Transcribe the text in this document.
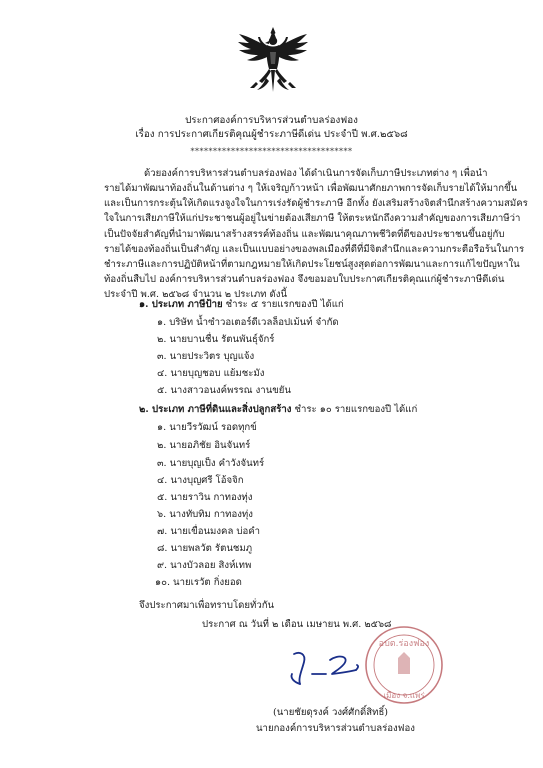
ประกาศองค์การบริหารส่วนตำบลร่องฟอง
เรื่อง การประกาศเกียรติคุณผู้ชำระภาษีดีเด่น ประจำปี พ.ศ.๒๕๖๘
************************************
ด้วยองค์การบริหารส่วนตำบลร่องฟอง ได้ดำเนินการจัดเก็บภาษีประเภทต่าง ๆ เพื่อนำ
รายได้มาพัฒนาท้องถิ่นในด้านต่าง ๆ ให้เจริญก้าวหน้า เพื่อพัฒนาศักยภาพการจัดเก็บรายได้ให้มากขึ้น
และเป็นการกระตุ้นให้เกิดแรงจูงใจในการเร่งรัดผู้ชำระภาษี อีกทั้ง ยังเสริมสร้างจิตสำนึกสร้างความสมัคร
ใจในการเสียภาษีให้แก่ประชาชนผู้อยู่ในข่ายต้องเสียภาษี ให้ตระหนักถึงความสำคัญของการเสียภาษีว่า
เป็นปัจจัยสำคัญที่นำมาพัฒนาสร้างสรรค์ท้องถิ่น และพัฒนาคุณภาพชีวิตที่ดีของประชาชนขึ้นอยู่กับ
รายได้ของท้องถิ่นเป็นสำคัญ และเป็นแบบอย่างของพลเมืองที่ดีที่มีจิตสำนึกและความกระตือรือร้นในการ
ชำระภาษีและการปฏิบัติหน้าที่ตามกฎหมายให้เกิดประโยชน์สูงสุดต่อการพัฒนาและการแก้ไขปัญหาใน
ท้องถิ่นสืบไป องค์การบริหารส่วนตำบลร่องฟอง จึงขอมอบใบประกาศเกียรติคุณแก่ผู้ชำระภาษีดีเด่น
ประจำปี พ.ศ. ๒๕๖๘ จำนวน ๒ ประเภท ดังนี้
๑. ประเภท ภาษีป้าย ชำระ ๕ รายแรกของปี ได้แก่
๑. บริษัท น้ำซำวอเตอร์ดีเวลล็อปเม้นท์ จำกัด
๒. นายบานชื่น รัตนพันธุ์จักร์
๓. นายประวิตร บุญแจ้ง
๔. นายบุญชอบ แย้มชะมัง
๕. นางสาวอนงค์พรรณ งานขยัน
๒. ประเภท ภาษีที่ดินและสิ่งปลูกสร้าง ชำระ ๑๐ รายแรกของปี ได้แก่
๑. นายวีรวัฒน์ รอดทุกข์
๒. นายอภิชัย อินจันทร์
๓. นายบุญเป็ง คำวังจันทร์
๔. นางบุญศรี โอ้จจิก
๕. นายราวิน กาทองทุ่ง
๖. นางทับทิม กาทองทุ่ง
๗. นายเขื่อนมงคล บ่อคำ
๘. นายพลวัต รัตนชมภู
๙. นางบัวลอย สิงห์เทพ
๑๐. นายเรวัต กิ่งยอด
จึงประกาศมาเพื่อทราบโดยทั่วกัน
ประกาศ ณ วันที่ ๒ เดือน เมษายน พ.ศ. ๒๕๖๘
อบต.ร่องฟอง
เมือง จ.แพร่
(นายชัยดุรงค์ วงศ์ศักดิ์สิทธิ์)
นายกองค์การบริหารส่วนตำบลร่องฟอง
